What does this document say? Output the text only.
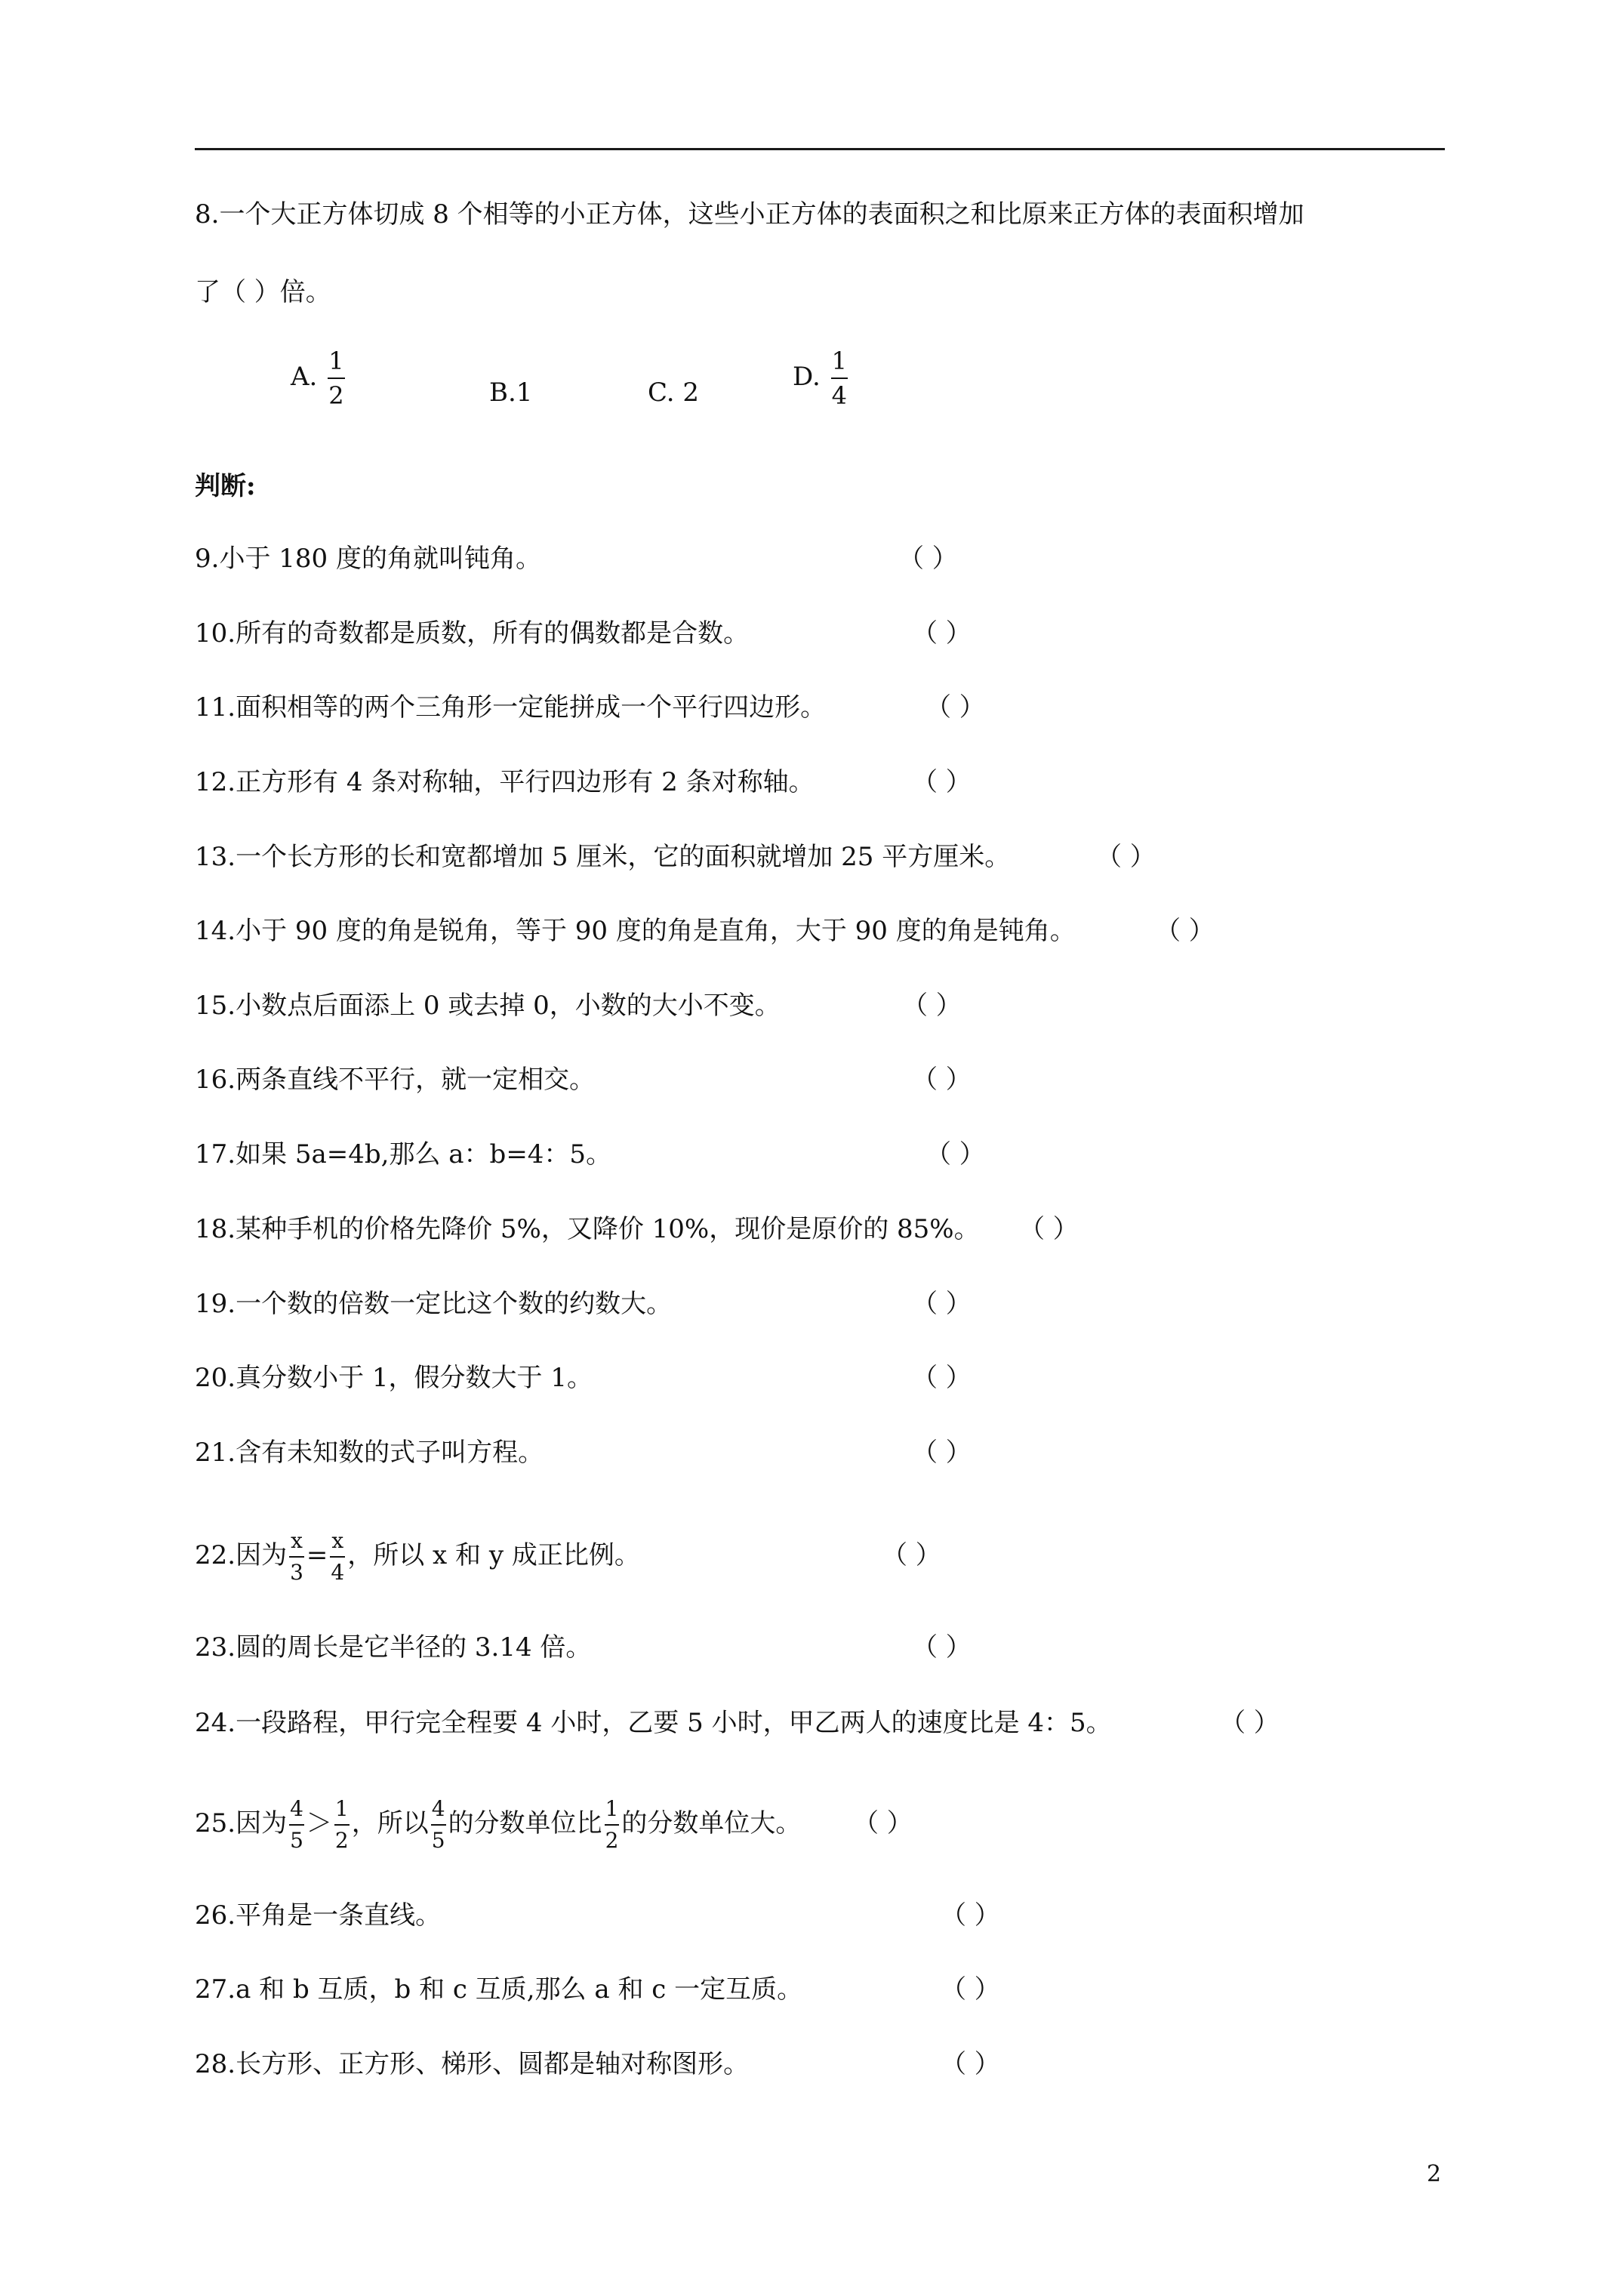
8.一个大正方体切成 8 个相等的小正方体，这些小正方体的表面积之和比原来正方体的表面积增加
了（ ）倍。
A. $\frac{1}{2}$	B.1	C. 2
D. $\frac{1}{4}$
判断:
9.小于 180 度的角就叫钝角。	（ ）
10.所有的奇数都是质数，所有的偶数都是合数。	（ ）
11.面积相等的两个三角形一定能拼成一个平行四边形。	（ ）
12.正方形有 4 条对称轴，平行四边形有 2 条对称轴。	（ ）
13.一个长方形的长和宽都增加 5 厘米，它的面积就增加 25 平方厘米。	（ ）
14.小于 90 度的角是锐角，等于 90 度的角是直角，大于 90 度的角是钝角。	（ ）
15.小数点后面添上 0 或去掉 0，小数的大小不变。	（ ）
16.两条直线不平行，就一定相交。	（ ）
17.如果 5a=4b,那么 a：b=4：5。	（ ）
18.某种手机的价格先降价 5%，又降价 10%，现价是原价的 85%。 （ ）
19.一个数的倍数一定比这个数的约数大。	（ ）
20.真分数小于 1，假分数大于 1。	（ ）
21.含有未知数的式子叫方程。	（ ）
22.因为 $\frac{x}{3} = \frac{x}{4}$ ，所以 x 和 y 成正比例。	（ ）
23.圆的周长是它半径的 3.14 倍。	（ ）
24.一段路程，甲行完全程要 4 小时，乙要 5 小时，甲乙两人的速度比是 4：5。	（ ）
25.因为 $\frac{4}{5} > \frac{1}{2}$ ，所以 $\frac{4}{5}$ 的分数单位比 $\frac{1}{2}$ 的分数单位大。 （ ）
26.平角是一条直线。	（ ）
27.a 和 b 互质，b 和 c 互质,那么 a 和 c 一定互质。	（ ）
28.长方形、正方形、梯形、圆都是轴对称图形。	（ ）
2
